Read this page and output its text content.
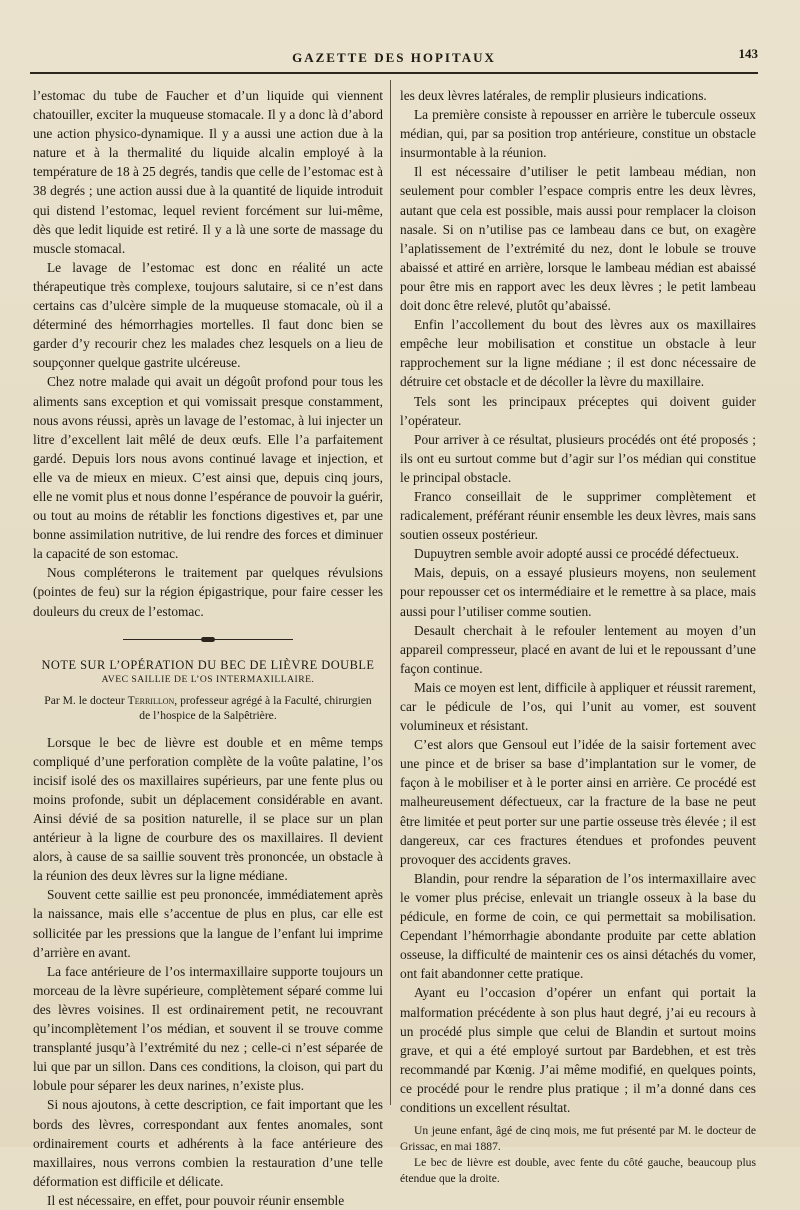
GAZETTE DES HOPITAUX	143

l’estomac du tube de Faucher et d’un liquide qui viennent chatouiller, exciter la muqueuse stomacale. Il y a donc là d’abord une action physico-dynamique. Il y a aussi une action due à la nature et à la thermalité du liquide alcalin employé à la température de 18 à 25 degrés, tandis que celle de l’estomac est à 38 degrés ; une action aussi due à la quantité de liquide introduit qui distend l’estomac, lequel revient forcément sur lui-même, dès que ledit liquide est retiré. Il y a là une sorte de massage du muscle stomacal.

Le lavage de l’estomac est donc en réalité un acte thérapeutique très complexe, toujours salutaire, si ce n’est dans certains cas d’ulcère simple de la muqueuse stomacale, où il a déterminé des hémorrhagies mortelles. Il faut donc bien se garder d’y recourir chez les malades chez lesquels on a lieu de soupçonner quelque gastrite ulcéreuse.

Chez notre malade qui avait un dégoût profond pour tous les aliments sans exception et qui vomissait presque constamment, nous avons réussi, après un lavage de l’estomac, à lui injecter un litre d’excellent lait mêlé de deux œufs. Elle l’a parfaitement gardé. Depuis lors nous avons continué lavage et injection, et elle va de mieux en mieux. C’est ainsi que, depuis cinq jours, elle ne vomit plus et nous donne l’espérance de pouvoir la guérir, ou tout au moins de rétablir les fonctions digestives et, par une bonne assimilation nutritive, de lui rendre des forces et diminuer la capacité de son estomac.

Nous compléterons le traitement par quelques révulsions (pointes de feu) sur la région épigastrique, pour faire cesser les douleurs du creux de l’estomac.

NOTE SUR L’OPÉRATION DU BEC DE LIÈVRE DOUBLE
AVEC SAILLIE DE L’OS INTERMAXILLAIRE.
Par M. le docteur Terrillon, professeur agrégé à la Faculté, chirurgien de l’hospice de la Salpêtrière.

Lorsque le bec de lièvre est double et en même temps compliqué d’une perforation complète de la voûte palatine, l’os incisif isolé des os maxillaires supérieurs, par une fente plus ou moins profonde, subit un déplacement considérable en avant. Ainsi dévié de sa position naturelle, il se place sur un plan antérieur à la ligne de courbure des os maxillaires. Il devient alors, à cause de sa saillie souvent très prononcée, un obstacle à la réunion des deux lèvres sur la ligne médiane.

Souvent cette saillie est peu prononcée, immédiatement après la naissance, mais elle s’accentue de plus en plus, car elle est sollicitée par les pressions que la langue de l’enfant lui imprime d’arrière en avant.

La face antérieure de l’os intermaxillaire supporte toujours un morceau de la lèvre supérieure, complètement séparé comme lui des lèvres voisines. Il est ordinairement petit, ne recouvrant qu’incomplètement l’os médian, et souvent il se trouve comme transplanté jusqu’à l’extrémité du nez ; celle-ci n’est séparée de lui que par un sillon. Dans ces conditions, la cloison, qui part du lobule pour séparer les deux narines, n’existe plus.

Si nous ajoutons, à cette description, ce fait important que les bords des lèvres, correspondant aux fentes anomales, sont ordinairement courts et adhérents à la face antérieure des maxillaires, nous verrons combien la restauration d’une telle déformation est difficile et délicate.

Il est nécessaire, en effet, pour pouvoir réunir ensemble

les deux lèvres latérales, de remplir plusieurs indications.

La première consiste à repousser en arrière le tubercule osseux médian, qui, par sa position trop antérieure, constitue un obstacle insurmontable à la réunion.

Il est nécessaire d’utiliser le petit lambeau médian, non seulement pour combler l’espace compris entre les deux lèvres, autant que cela est possible, mais aussi pour remplacer la cloison nasale. Si on n’utilise pas ce lambeau dans ce but, on exagère l’aplatissement de l’extrémité du nez, dont le lobule se trouve abaissé et attiré en arrière, lorsque le lambeau médian est abaissé pour être mis en rapport avec les deux lèvres ; le petit lambeau doit donc être relevé, plutôt qu’abaissé.

Enfin l’accollement du bout des lèvres aux os maxillaires empêche leur mobilisation et constitue un obstacle à leur rapprochement sur la ligne médiane ; il est donc nécessaire de détruire cet obstacle et de décoller la lèvre du maxillaire.

Tels sont les principaux préceptes qui doivent guider l’opérateur.

Pour arriver à ce résultat, plusieurs procédés ont été proposés ; ils ont eu surtout comme but d’agir sur l’os médian qui constitue le principal obstacle.

Franco conseillait de le supprimer complètement et radicalement, préférant réunir ensemble les deux lèvres, mais sans soutien osseux postérieur.

Dupuytren semble avoir adopté aussi ce procédé défectueux.

Mais, depuis, on a essayé plusieurs moyens, non seulement pour repousser cet os intermédiaire et le remettre à sa place, mais aussi pour l’utiliser comme soutien.

Desault cherchait à le refouler lentement au moyen d’un appareil compresseur, placé en avant de lui et le repoussant d’une façon continue.

Mais ce moyen est lent, difficile à appliquer et réussit rarement, car le pédicule de l’os, qui l’unit au vomer, est souvent volumineux et résistant.

C’est alors que Gensoul eut l’idée de la saisir fortement avec une pince et de briser sa base d’implantation sur le vomer, de façon à le mobiliser et à le porter ainsi en arrière. Ce procédé est malheureusement défectueux, car la fracture de la base ne peut être limitée et peut porter sur une partie osseuse très élevée ; il est dangereux, car ces fractures étendues et profondes peuvent provoquer des accidents graves.

Blandin, pour rendre la séparation de l’os intermaxillaire avec le vomer plus précise, enlevait un triangle osseux à la base du pédicule, en forme de coin, ce qui permettait sa mobilisation. Cependant l’hémorrhagie abondante produite par cette ablation osseuse, la difficulté de maintenir ces os ainsi détachés du vomer, ont fait abandonner cette pratique.

Ayant eu l’occasion d’opérer un enfant qui portait la malformation précédente à son plus haut degré, j’ai eu recours à un procédé plus simple que celui de Blandin et surtout moins grave, et qui a été employé surtout par Bardebhen, et est très recommandé par Kœnig. J’ai même modifié, en quelques points, ce procédé pour le rendre plus pratique ; il m’a donné dans ces conditions un excellent résultat.

Un jeune enfant, âgé de cinq mois, me fut présenté par M. le docteur de Grissac, en mai 1887.

Le bec de lièvre est double, avec fente du côté gauche, beaucoup plus étendue que la droite.
